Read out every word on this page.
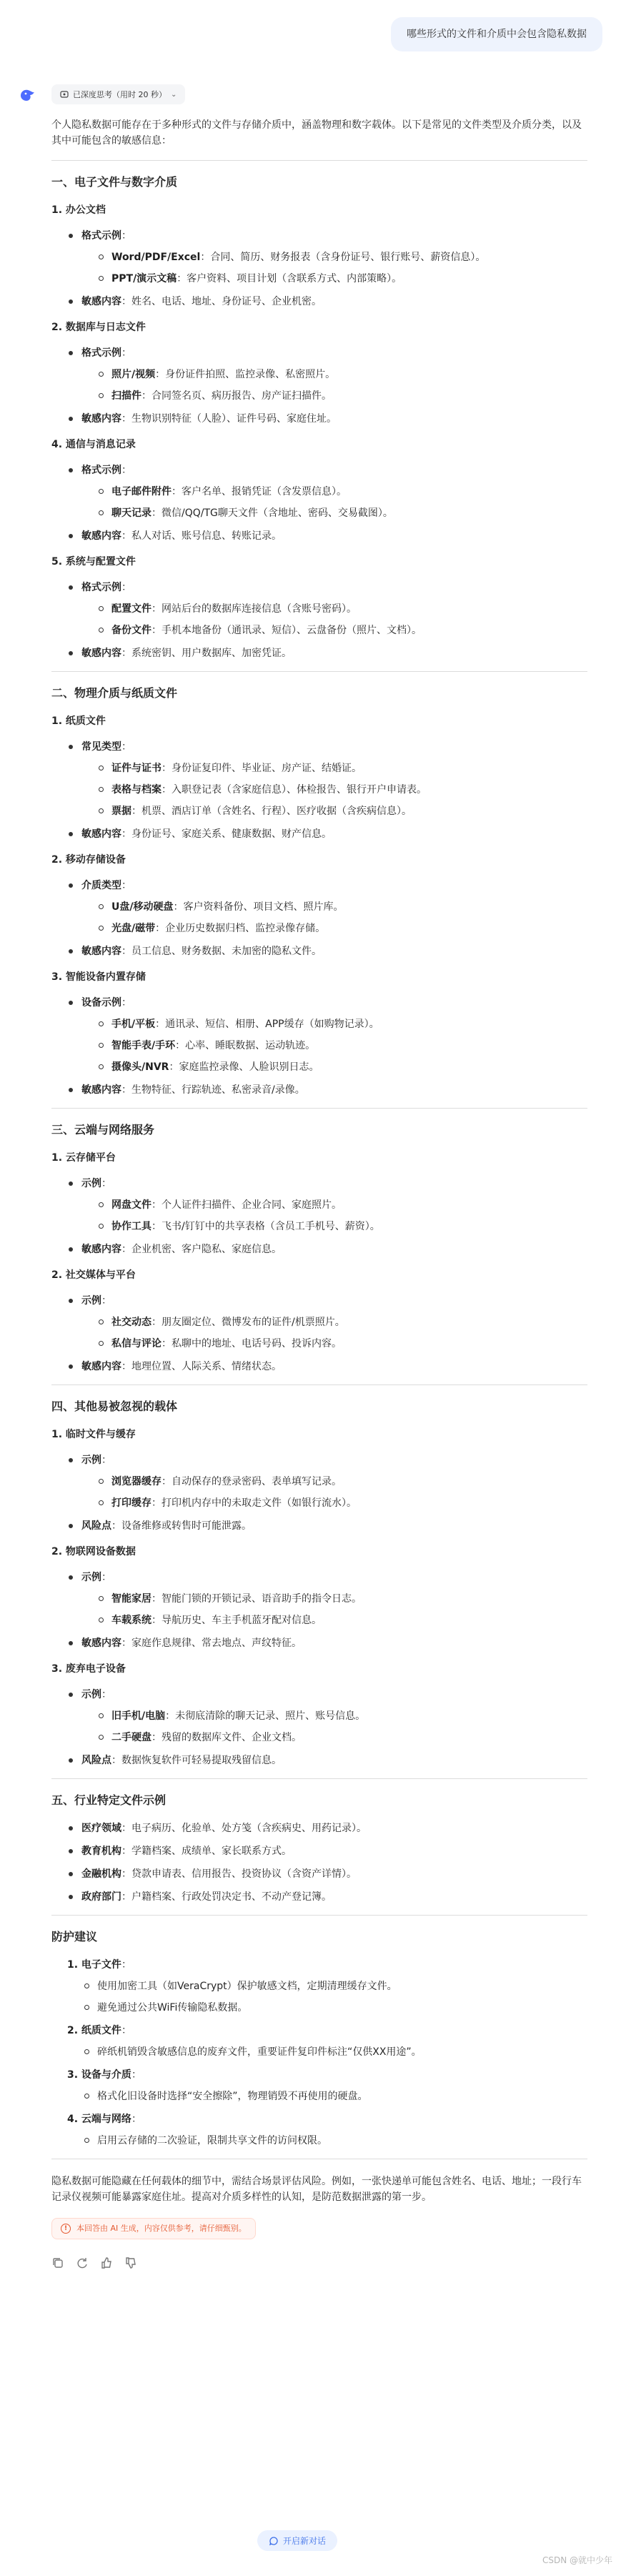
哪些形式的文件和介质中会包含隐私数据
已深度思考（用时 20 秒） ⌄

个人隐私数据可能存在于多种形式的文件与存储介质中，涵盖物理和数字载体。以下是常见的文件类型及介质分类，以及其中可能包含的敏感信息：

一、电子文件与数字介质
1. 办公文档
格式示例：
Word/PDF/Excel：合同、简历、财务报表（含身份证号、银行账号、薪资信息）。
PPT/演示文稿：客户资料、项目计划（含联系方式、内部策略）。
敏感内容：姓名、电话、地址、身份证号、企业机密。
2. 数据库与日志文件
格式示例：
照片/视频：身份证件拍照、监控录像、私密照片。
扫描件：合同签名页、病历报告、房产证扫描件。
敏感内容：生物识别特征（人脸）、证件号码、家庭住址。
4. 通信与消息记录
格式示例：
电子邮件附件：客户名单、报销凭证（含发票信息）。
聊天记录：微信/QQ/TG聊天文件（含地址、密码、交易截图）。
敏感内容：私人对话、账号信息、转账记录。
5. 系统与配置文件
格式示例：
配置文件：网站后台的数据库连接信息（含账号密码）。
备份文件：手机本地备份（通讯录、短信）、云盘备份（照片、文档）。
敏感内容：系统密钥、用户数据库、加密凭证。
二、物理介质与纸质文件
1. 纸质文件
常见类型：
证件与证书：身份证复印件、毕业证、房产证、结婚证。
表格与档案：入职登记表（含家庭信息）、体检报告、银行开户申请表。
票据：机票、酒店订单（含姓名、行程）、医疗收据（含疾病信息）。
敏感内容：身份证号、家庭关系、健康数据、财产信息。
2. 移动存储设备
介质类型：
U盘/移动硬盘：客户资料备份、项目文档、照片库。
光盘/磁带：企业历史数据归档、监控录像存储。
敏感内容：员工信息、财务数据、未加密的隐私文件。
3. 智能设备内置存储
设备示例：
手机/平板：通讯录、短信、相册、APP缓存（如购物记录）。
智能手表/手环：心率、睡眠数据、运动轨迹。
摄像头/NVR：家庭监控录像、人脸识别日志。
敏感内容：生物特征、行踪轨迹、私密录音/录像。
三、云端与网络服务
1. 云存储平台
示例：
网盘文件：个人证件扫描件、企业合同、家庭照片。
协作工具：飞书/钉钉中的共享表格（含员工手机号、薪资）。
敏感内容：企业机密、客户隐私、家庭信息。
2. 社交媒体与平台
示例：
社交动态：朋友圈定位、微博发布的证件/机票照片。
私信与评论：私聊中的地址、电话号码、投诉内容。
敏感内容：地理位置、人际关系、情绪状态。
四、其他易被忽视的载体
1. 临时文件与缓存
示例：
浏览器缓存：自动保存的登录密码、表单填写记录。
打印缓存：打印机内存中的未取走文件（如银行流水）。
风险点：设备维修或转售时可能泄露。
2. 物联网设备数据
示例：
智能家居：智能门锁的开锁记录、语音助手的指令日志。
车载系统：导航历史、车主手机蓝牙配对信息。
敏感内容：家庭作息规律、常去地点、声纹特征。
3. 废弃电子设备
示例：
旧手机/电脑：未彻底清除的聊天记录、照片、账号信息。
二手硬盘：残留的数据库文件、企业文档。
风险点：数据恢复软件可轻易提取残留信息。
五、行业特定文件示例
医疗领域：电子病历、化验单、处方笺（含疾病史、用药记录）。
教育机构：学籍档案、成绩单、家长联系方式。
金融机构：贷款申请表、信用报告、投资协议（含资产详情）。
政府部门：户籍档案、行政处罚决定书、不动产登记簿。
防护建议
1. 电子文件：
使用加密工具（如VeraCrypt）保护敏感文档，定期清理缓存文件。
避免通过公共WiFi传输隐私数据。
2. 纸质文件：
碎纸机销毁含敏感信息的废弃文件，重要证件复印件标注“仅供XX用途”。
3. 设备与介质：
格式化旧设备时选择“安全擦除”，物理销毁不再使用的硬盘。
4. 云端与网络：
启用云存储的二次验证，限制共享文件的访问权限。

隐私数据可能隐藏在任何载体的细节中，需结合场景评估风险。例如，一张快递单可能包含姓名、电话、地址；一段行车记录仪视频可能暴露家庭住址。提高对介质多样性的认知，是防范数据泄露的第一步。

!	本回答由 AI 生成，内容仅供参考，请仔细甄别。
开启新对话
CSDN @就中少年
